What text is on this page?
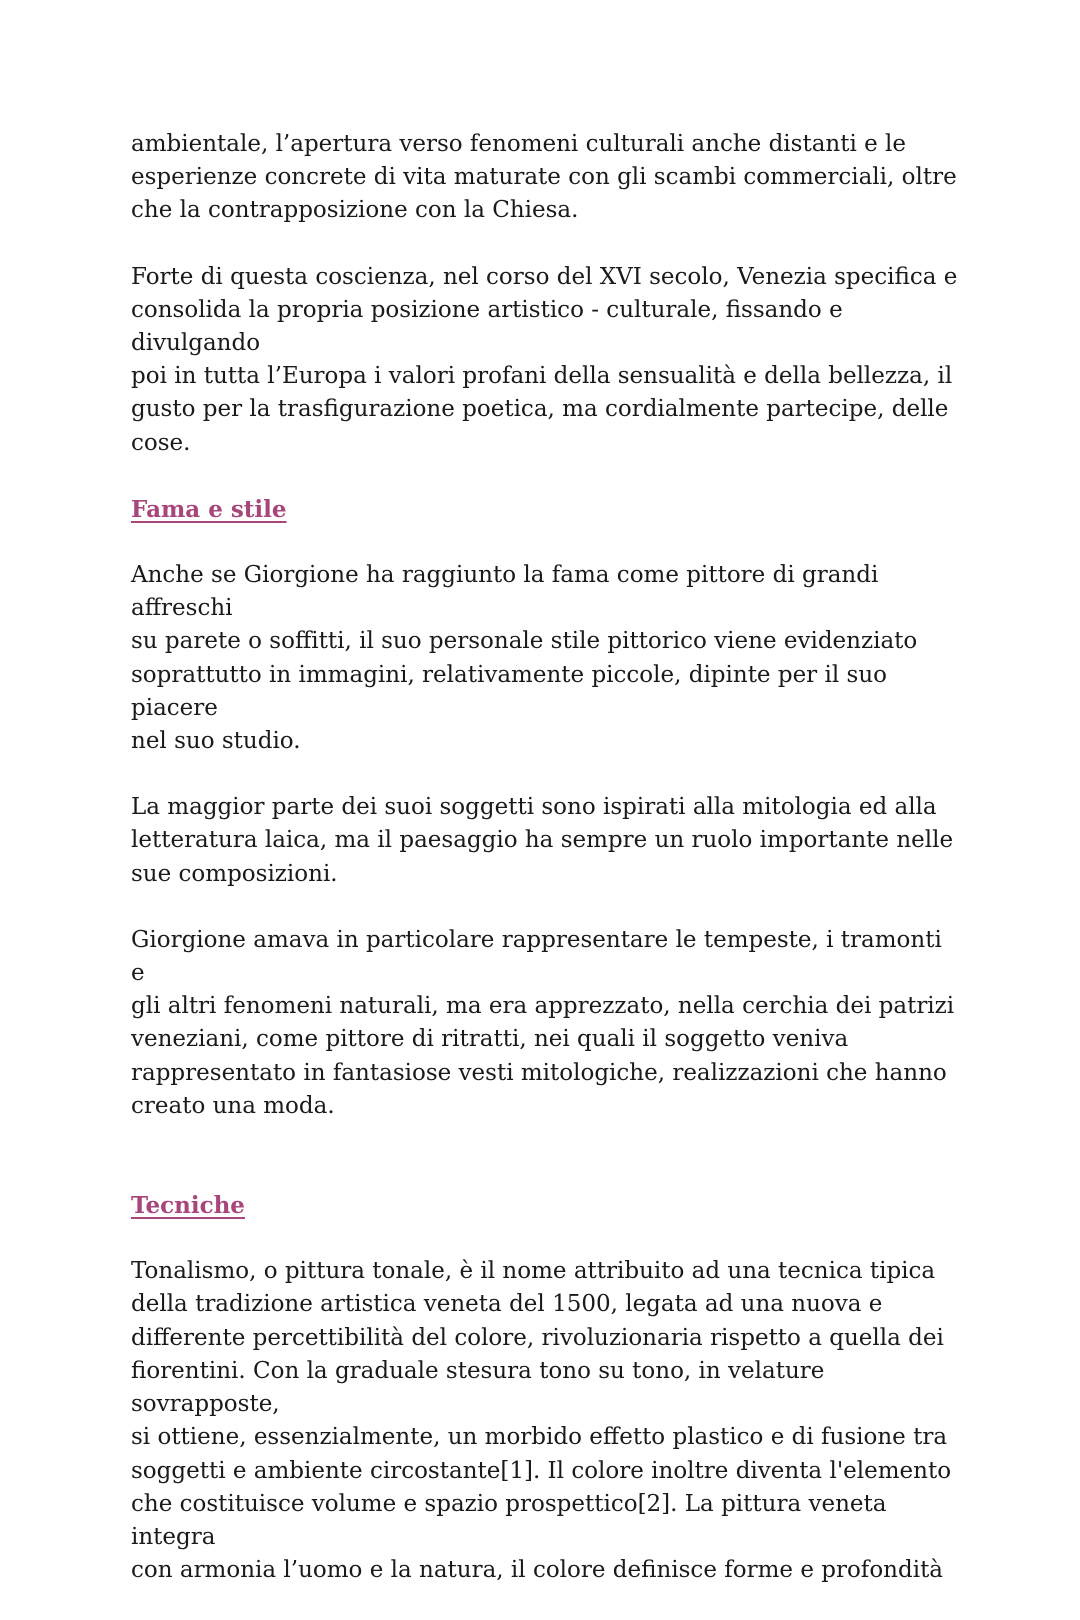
ambientale, l’apertura verso fenomeni culturali anche distanti e le
esperienze concrete di vita maturate con gli scambi commerciali, oltre
che la contrapposizione con la Chiesa.

Forte di questa coscienza, nel corso del XVI secolo, Venezia specifica e
consolida la propria posizione artistico - culturale, fissando e divulgando
poi in tutta l’Europa i valori profani della sensualità e della bellezza, il
gusto per la trasfigurazione poetica, ma cordialmente partecipe, delle
cose.

Fama e stile

Anche se Giorgione ha raggiunto la fama come pittore di grandi affreschi
su parete o soffitti, il suo personale stile pittorico viene evidenziato
soprattutto in immagini, relativamente piccole, dipinte per il suo piacere
nel suo studio.

La maggior parte dei suoi soggetti sono ispirati alla mitologia ed alla
letteratura laica, ma il paesaggio ha sempre un ruolo importante nelle
sue composizioni.

Giorgione amava in particolare rappresentare le tempeste, i tramonti e
gli altri fenomeni naturali, ma era apprezzato, nella cerchia dei patrizi
veneziani, come pittore di ritratti, nei quali il soggetto veniva
rappresentato in fantasiose vesti mitologiche, realizzazioni che hanno
creato una moda.

Tecniche

Tonalismo, o pittura tonale, è il nome attribuito ad una tecnica tipica
della tradizione artistica veneta del 1500, legata ad una nuova e
differente percettibilità del colore, rivoluzionaria rispetto a quella dei
fiorentini. Con la graduale stesura tono su tono, in velature sovrapposte,
si ottiene, essenzialmente, un morbido effetto plastico e di fusione tra
soggetti e ambiente circostante[1]. Il colore inoltre diventa l'elemento
che costituisce volume e spazio prospettico[2]. La pittura veneta integra
con armonia l’uomo e la natura, il colore definisce forme e profondità
